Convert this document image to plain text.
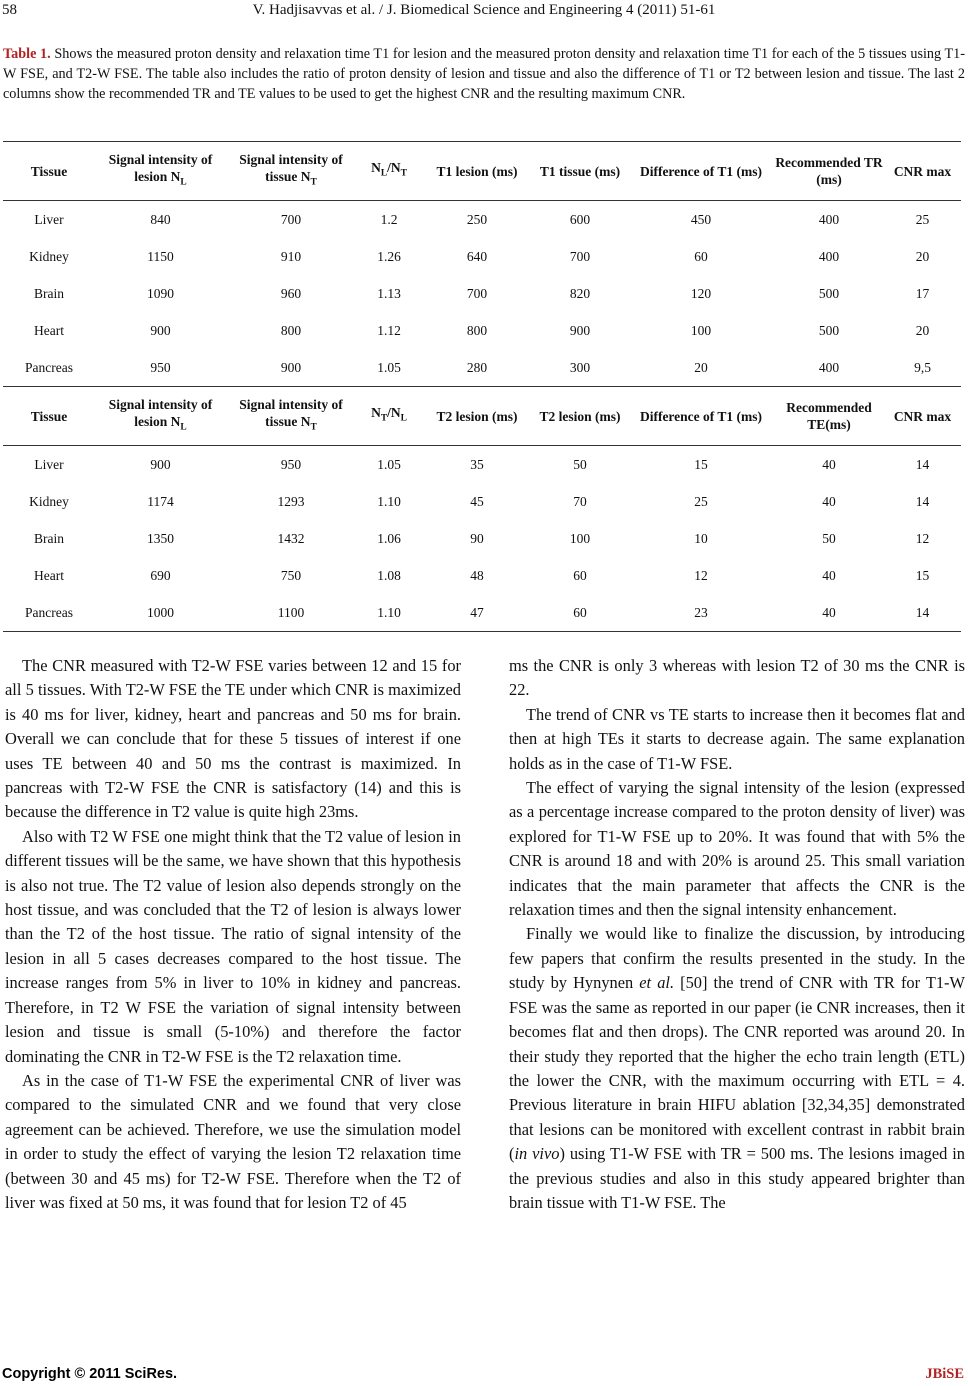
58	V. Hadjisavvas et al. / J. Biomedical Science and Engineering 4 (2011) 51-61
Table 1. Shows the measured proton density and relaxation time T1 for lesion and the measured proton density and relaxation time T1 for each of the 5 tissues using T1-W FSE, and T2-W FSE. The table also includes the ratio of proton density of lesion and tissue and also the difference of T1 or T2 between lesion and tissue. The last 2 columns show the recommended TR and TE values to be used to get the highest CNR and the resulting maximum CNR.
Tissue	Signal intensity of lesion $N_L$	Signal intensity of tissue $N_T$	$N_L/N_T$	T1 lesion (ms)	T1 tissue (ms)	Difference of T1 (ms)	Recommended TR (ms)	CNR max
Liver	840	700	1.2	250	600	450	400	25
Kidney	1150	910	1.26	640	700	60	400	20
Brain	1090	960	1.13	700	820	120	500	17
Heart	900	800	1.12	800	900	100	500	20
Pancreas	950	900	1.05	280	300	20	400	9,5
Tissue	Signal intensity of lesion $N_L$	Signal intensity of tissue $N_T$	$N_T/N_L$	T2 lesion (ms)	T2 lesion (ms)	Difference of T1 (ms)	Recommended TE(ms)	CNR max
Liver	900	950	1.05	35	50	15	40	14
Kidney	1174	1293	1.10	45	70	25	40	14
Brain	1350	1432	1.06	90	100	10	50	12
Heart	690	750	1.08	48	60	12	40	15
Pancreas	1000	1100	1.10	47	60	23	40	14

The CNR measured with T2-W FSE varies between 12 and 15 for all 5 tissues. With T2-W FSE the TE under which CNR is maximized is 40 ms for liver, kidney, heart and pancreas and 50 ms for brain. Overall we can conclude that for these 5 tissues of interest if one uses TE between 40 and 50 ms the contrast is maximized. In pancreas with T2-W FSE the CNR is satisfactory (14) and this is because the difference in T2 value is quite high 23ms.

Also with T2 W FSE one might think that the T2 value of lesion in different tissues will be the same, we have shown that this hypothesis is also not true. The T2 value of lesion also depends strongly on the host tissue, and was concluded that the T2 of lesion is always lower than the T2 of the host tissue. The ratio of signal intensity of the lesion in all 5 cases decreases compared to the host tissue. The increase ranges from 5% in liver to 10% in kidney and pancreas. Therefore, in T2 W FSE the variation of signal intensity between lesion and tissue is small (5-10%) and therefore the factor dominating the CNR in T2-W FSE is the T2 relaxation time.

As in the case of T1-W FSE the experimental CNR of liver was compared to the simulated CNR and we found that very close agreement can be achieved. Therefore, we use the simulation model in order to study the effect of varying the lesion T2 relaxation time (between 30 and 45 ms) for T2-W FSE. Therefore when the T2 of liver was fixed at 50 ms, it was found that for lesion T2 of 45

ms the CNR is only 3 whereas with lesion T2 of 30 ms the CNR is 22.

The trend of CNR vs TE starts to increase then it becomes flat and then at high TEs it starts to decrease again. The same explanation holds as in the case of T1-W FSE.

The effect of varying the signal intensity of the lesion (expressed as a percentage increase compared to the proton density of liver) was explored for T1-W FSE up to 20%. It was found that with 5% the CNR is around 18 and with 20% is around 25. This small variation indicates that the main parameter that affects the CNR is the relaxation times and then the signal intensity enhancement.

Finally we would like to finalize the discussion, by introducing few papers that confirm the results presented in the study. In the study by Hynynen et al. [50] the trend of CNR with TR for T1-W FSE was the same as reported in our paper (ie CNR increases, then it becomes flat and then drops). The CNR reported was around 20. In their study they reported that the higher the echo train length (ETL) the lower the CNR, with the maximum occurring with ETL = 4. Previous literature in brain HIFU ablation [32,34,35] demonstrated that lesions can be monitored with excellent contrast in rabbit brain (in vivo) using T1-W FSE with TR = 500 ms. The lesions imaged in the previous studies and also in this study appeared brighter than brain tissue with T1-W FSE. The

Copyright © 2011 SciRes.	JBiSE
